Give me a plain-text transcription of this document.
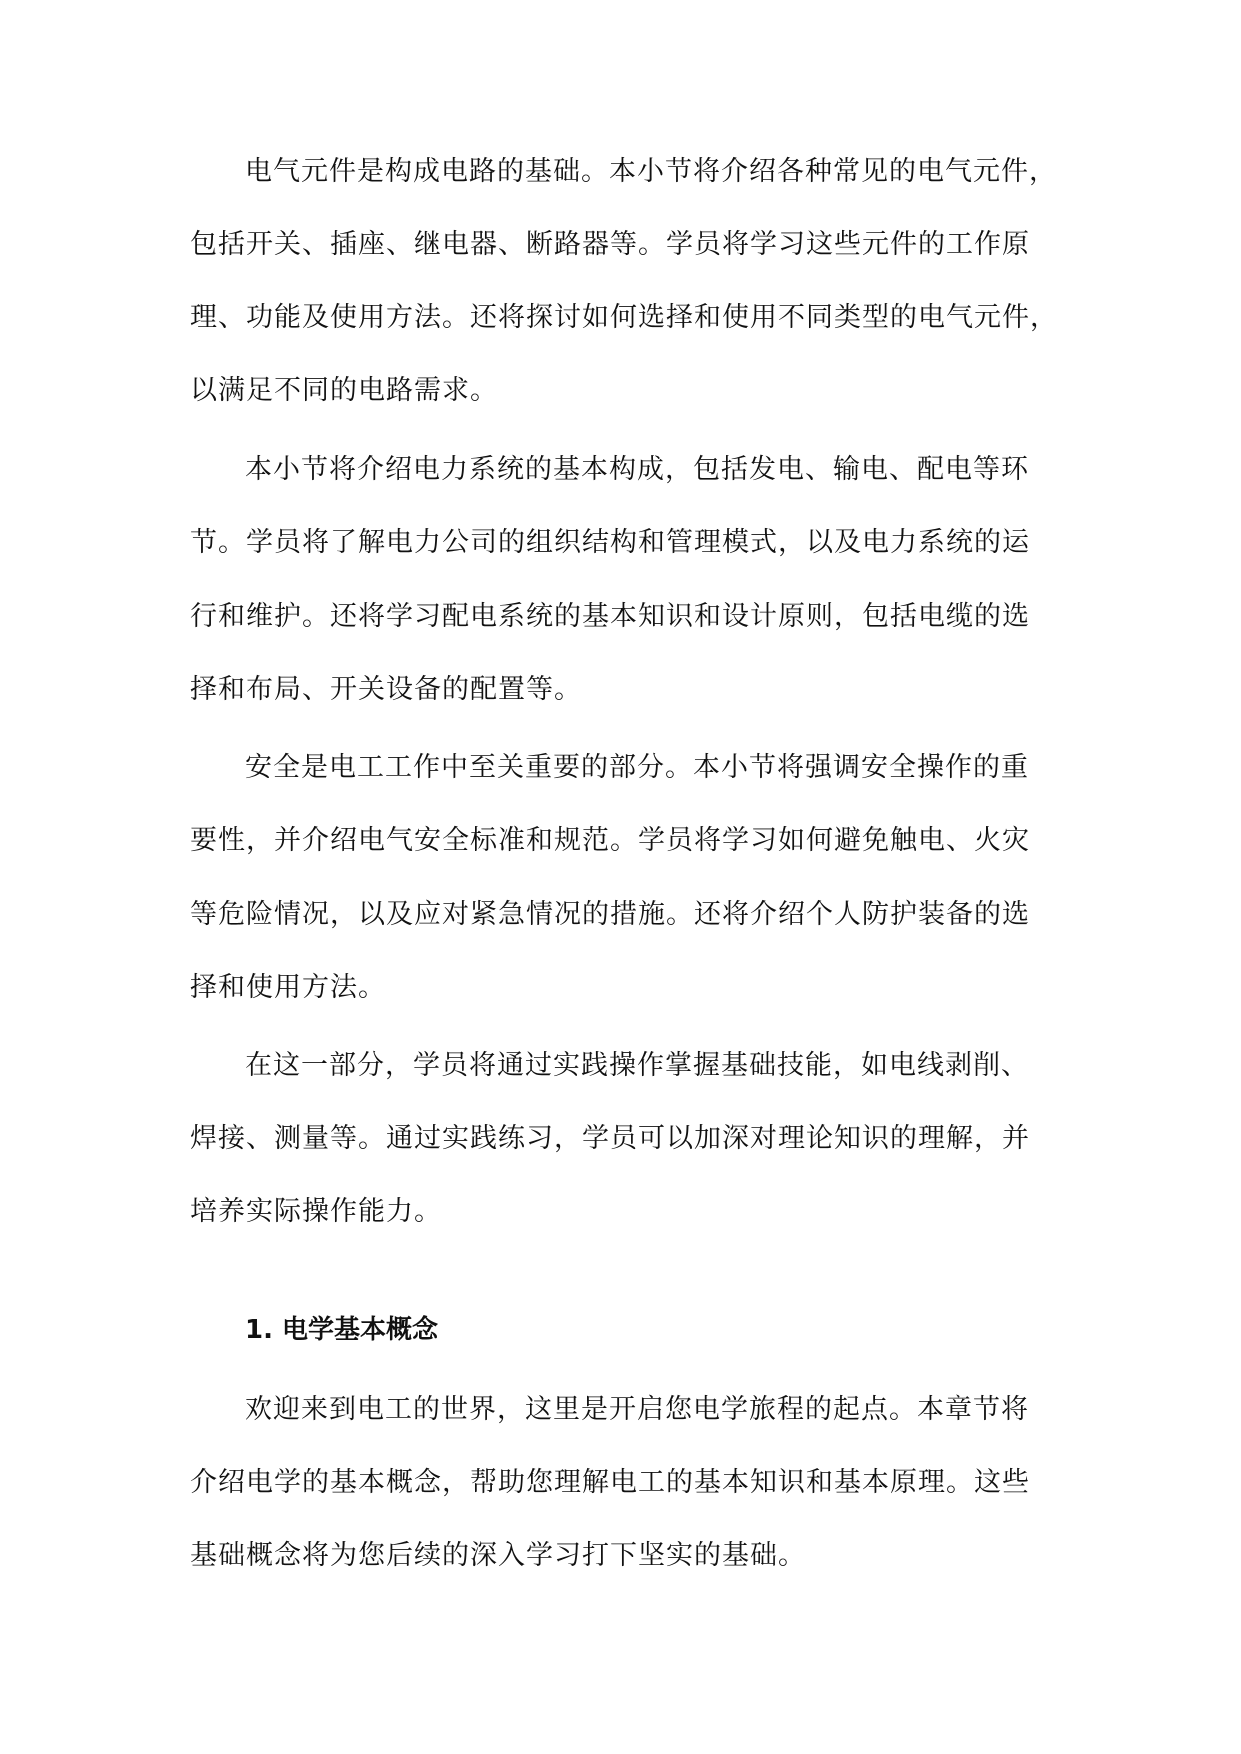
电气元件是构成电路的基础。本小节将介绍各种常见的电气元件，
包括开关、插座、继电器、断路器等。学员将学习这些元件的工作原
理、功能及使用方法。还将探讨如何选择和使用不同类型的电气元件，
以满足不同的电路需求。
本小节将介绍电力系统的基本构成，包括发电、输电、配电等环
节。学员将了解电力公司的组织结构和管理模式，以及电力系统的运
行和维护。还将学习配电系统的基本知识和设计原则，包括电缆的选
择和布局、开关设备的配置等。
安全是电工工作中至关重要的部分。本小节将强调安全操作的重
要性，并介绍电气安全标准和规范。学员将学习如何避免触电、火灾
等危险情况，以及应对紧急情况的措施。还将介绍个人防护装备的选
择和使用方法。
在这一部分，学员将通过实践操作掌握基础技能，如电线剥削、
焊接、测量等。通过实践练习，学员可以加深对理论知识的理解，并
培养实际操作能力。
1. 电学基本概念
欢迎来到电工的世界，这里是开启您电学旅程的起点。本章节将
介绍电学的基本概念，帮助您理解电工的基本知识和基本原理。这些
基础概念将为您后续的深入学习打下坚实的基础。
